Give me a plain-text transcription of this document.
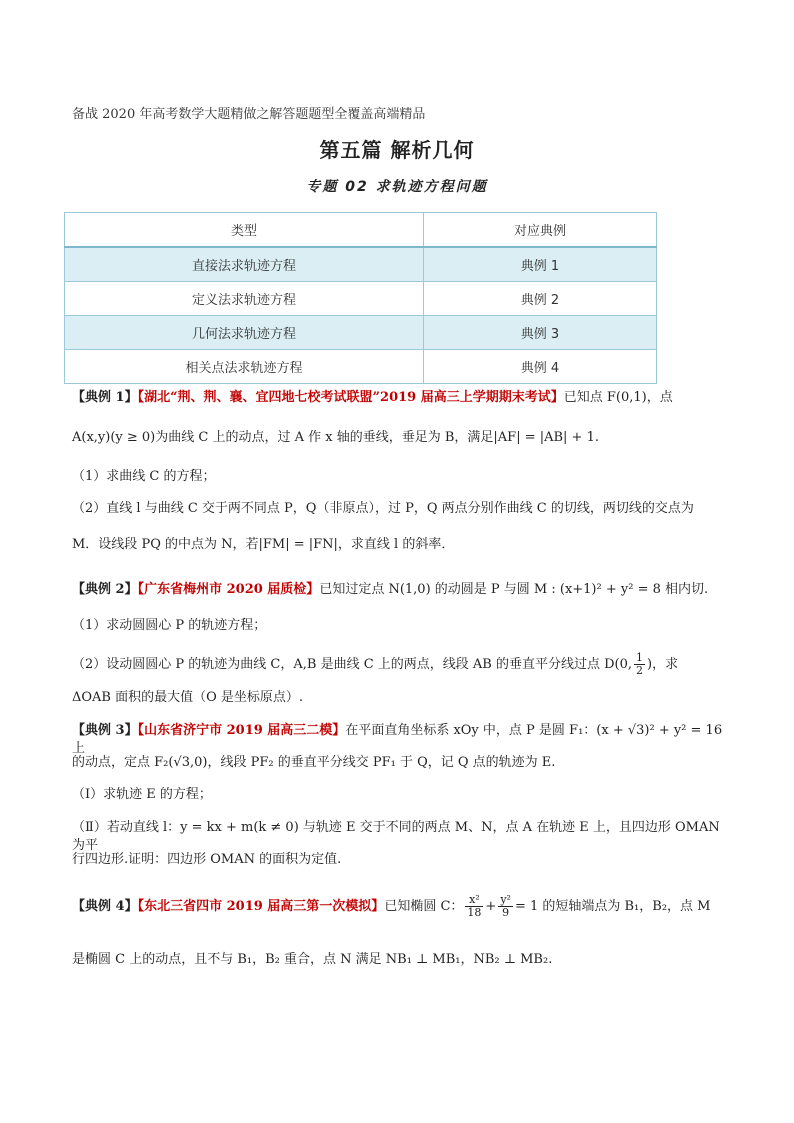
备战 2020 年高考数学大题精做之解答题题型全覆盖高端精品
第五篇 解析几何
专题 02 求轨迹方程问题
类型	对应典例
直接法求轨迹方程	典例 1
定义法求轨迹方程	典例 2
几何法求轨迹方程	典例 3
相关点法求轨迹方程	典例 4
【典例 1】【湖北“荆、荆、襄、宜四地七校考试联盟”2019 届高三上学期期末考试】已知点 F(0,1)，点
A(x,y)(y ≥ 0)为曲线 C 上的动点，过 A 作 x 轴的垂线，垂足为 B，满足|AF| = |AB| + 1.
（1）求曲线 C 的方程；
（2）直线 l 与曲线 C 交于两不同点 P，Q（非原点），过 P，Q 两点分别作曲线 C 的切线，两切线的交点为
M．设线段 PQ 的中点为 N，若|FM| = |FN|，求直线 l 的斜率．
【典例 2】【广东省梅州市 2020 届质检】已知过定点 N(1,0) 的动圆是 P 与圆 M : (x+1)² + y² = 8 相内切.
（1）求动圆圆心 P 的轨迹方程；
（2）设动圆圆心 P 的轨迹为曲线 C，A,B 是曲线 C 上的两点，线段 AB 的垂直平分线过点 D(0, $\frac{1}{2}$ )，求
ΔOAB 面积的最大值（O 是坐标原点）.
【典例 3】【山东省济宁市 2019 届高三二模】在平面直角坐标系 xOy 中，点 P 是圆 F₁：(x + √3)² + y² = 16 上
的动点，定点 F₂(√3,0)，线段 PF₂ 的垂直平分线交 PF₁ 于 Q，记 Q 点的轨迹为 E.
（Ⅰ）求轨迹 E 的方程；
（Ⅱ）若动直线 l：y = kx + m(k ≠ 0) 与轨迹 E 交于不同的两点 M、N，点 A 在轨迹 E 上，且四边形 OMAN 为平
行四边形.证明：四边形 OMAN 的面积为定值.
【典例 4】【东北三省四市 2019 届高三第一次模拟】已知椭圆 C： $\frac{\text{x²}}{18} + \frac{\text{y²}}{9} = 1$ 的短轴端点为 B₁，B₂，点 M
是椭圆 C 上的动点，且不与 B₁，B₂ 重合，点 N 满足 NB₁ ⊥ MB₁，NB₂ ⊥ MB₂.
